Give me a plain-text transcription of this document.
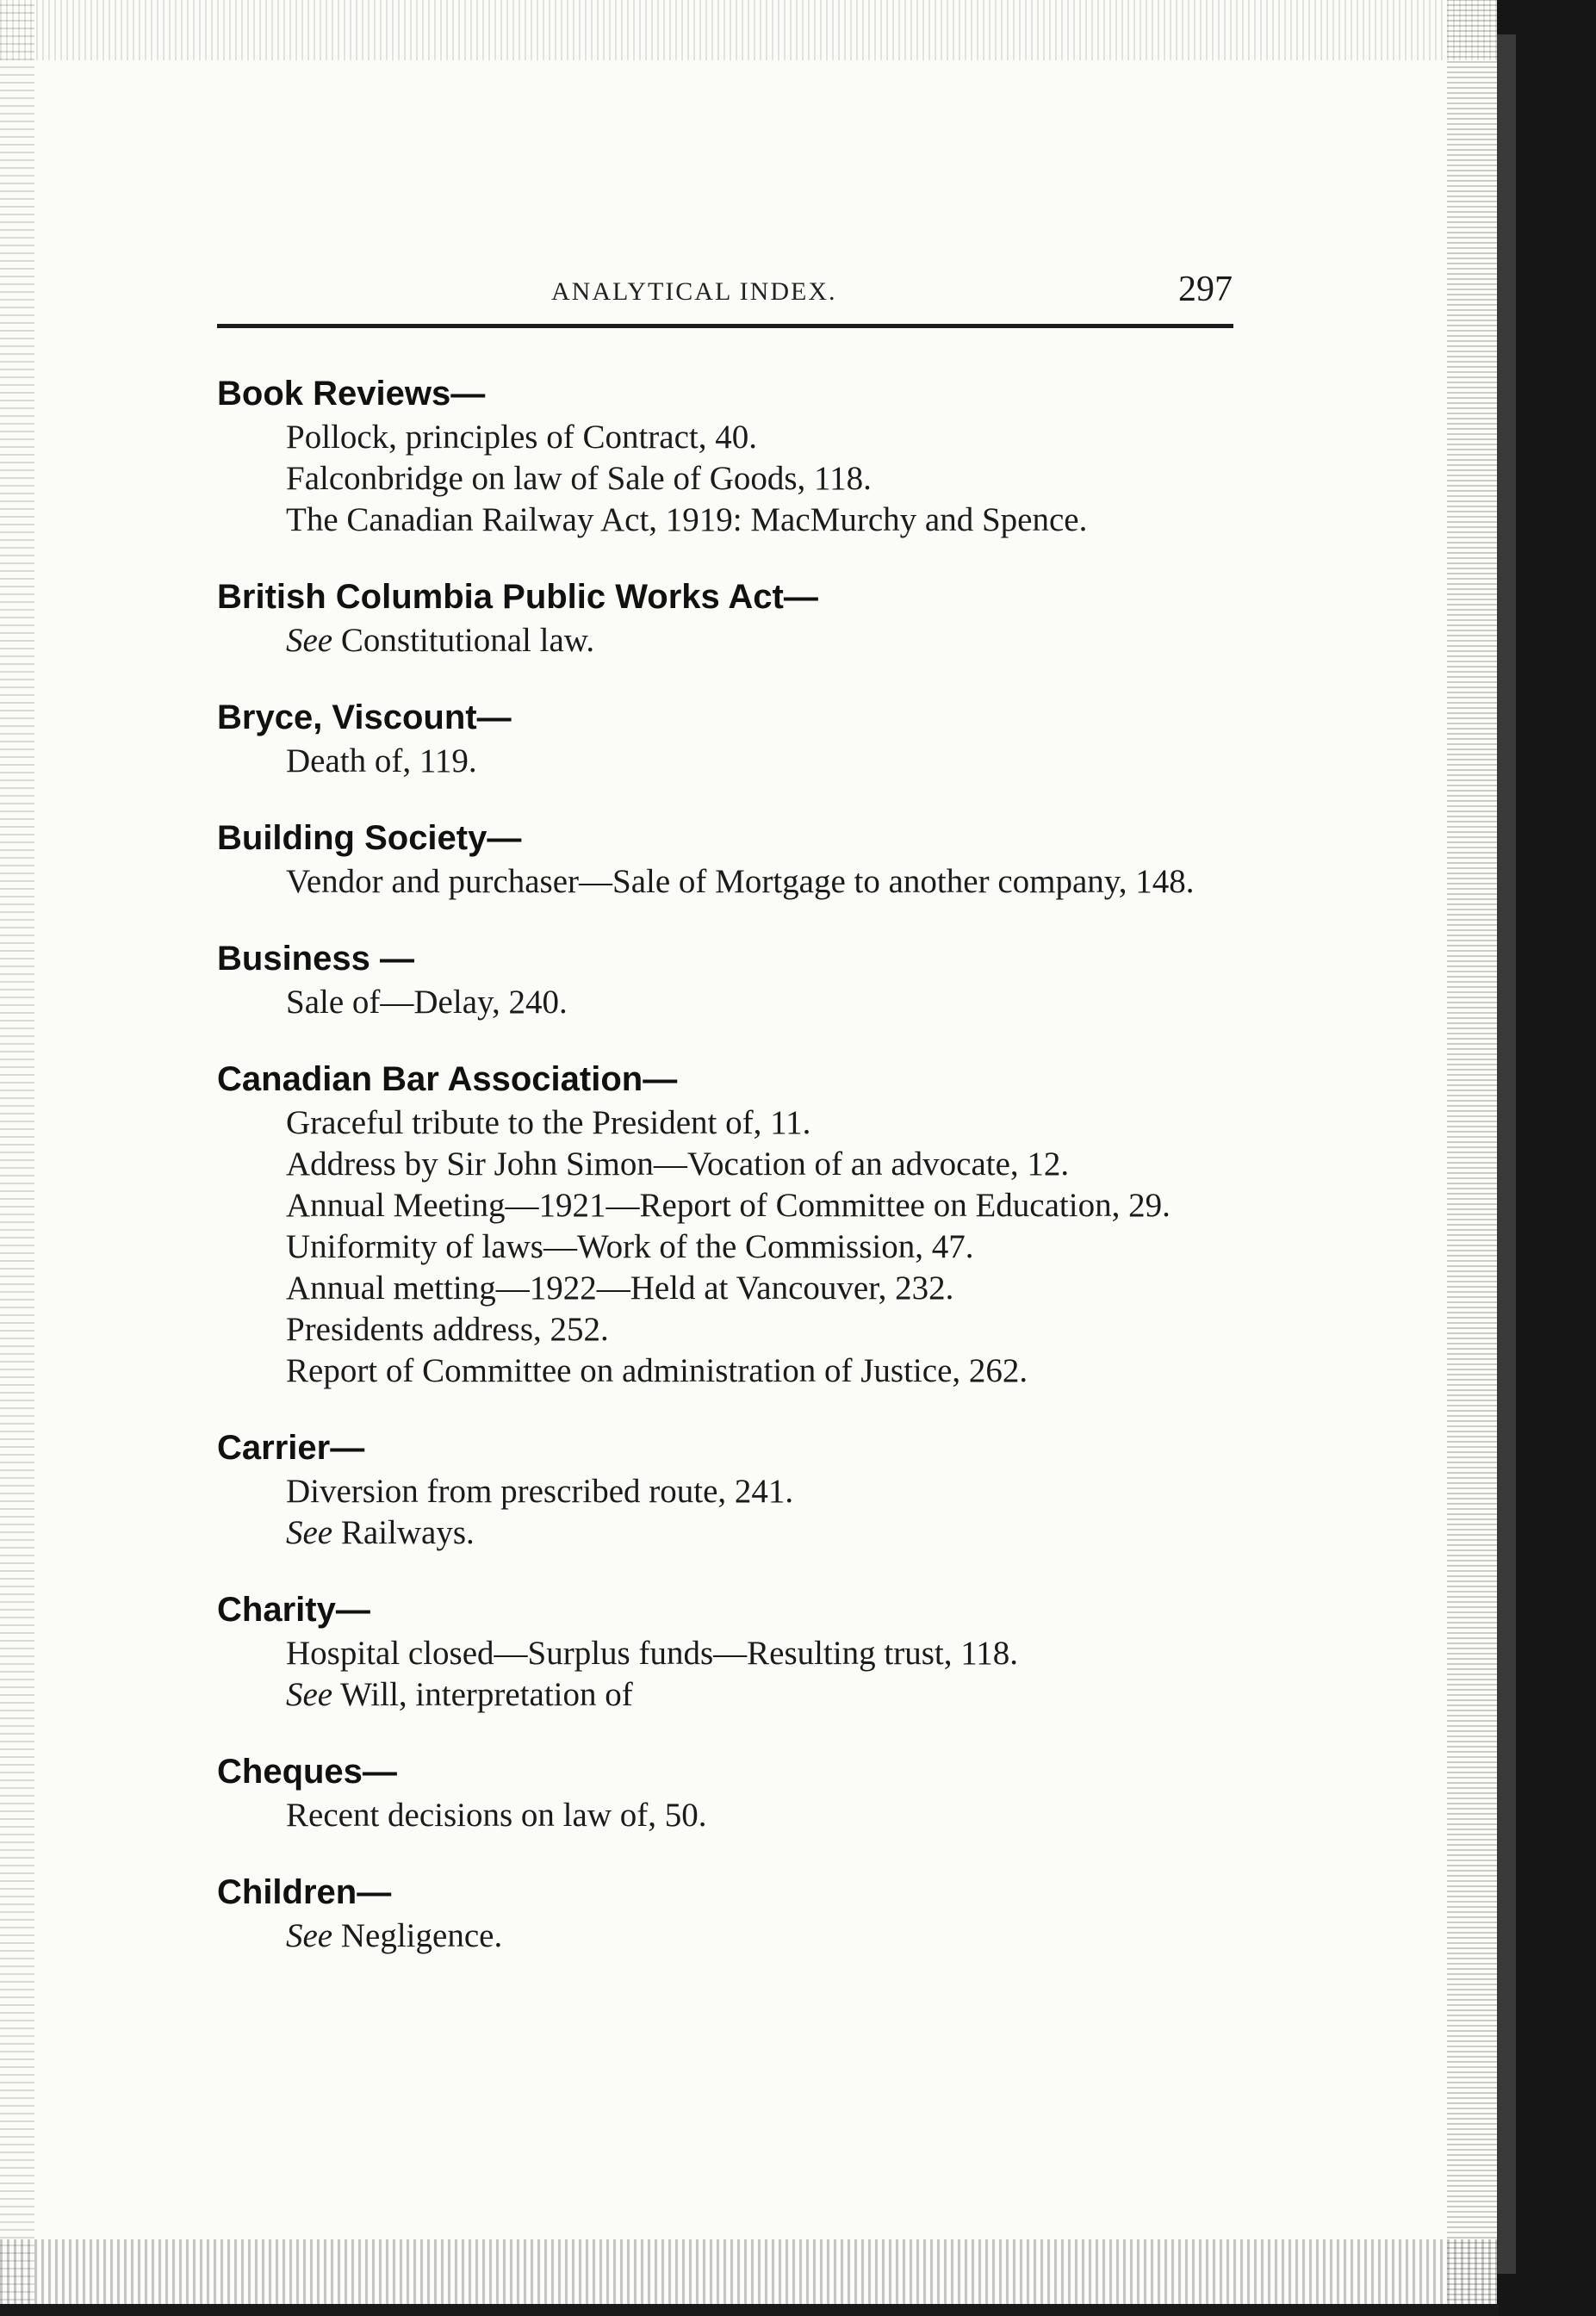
ANALYTICAL INDEX.	297

Book Reviews—

Pollock, principles of Contract, 40.

Falconbridge on law of Sale of Goods, 118.

The Canadian Railway Act, 1919: MacMurchy and Spence.

British Columbia Public Works Act—

See Constitutional law.

Bryce, Viscount—

Death of, 119.

Building Society—

Vendor and purchaser—Sale of Mortgage to another company, 148.

Business —

Sale of—Delay, 240.

Canadian Bar Association—

Graceful tribute to the President of, 11.

Address by Sir John Simon—Vocation of an advocate, 12.

Annual Meeting—1921—Report of Committee on Education, 29.

Uniformity of laws—Work of the Commission, 47.

Annual metting—1922—Held at Vancouver, 232.

Presidents address, 252.

Report of Committee on administration of Justice, 262.

Carrier—

Diversion from prescribed route, 241.

See Railways.

Charity—

Hospital closed—Surplus funds—Resulting trust, 118.

See Will, interpretation of

Cheques—

Recent decisions on law of, 50.

Children—

See Negligence.
